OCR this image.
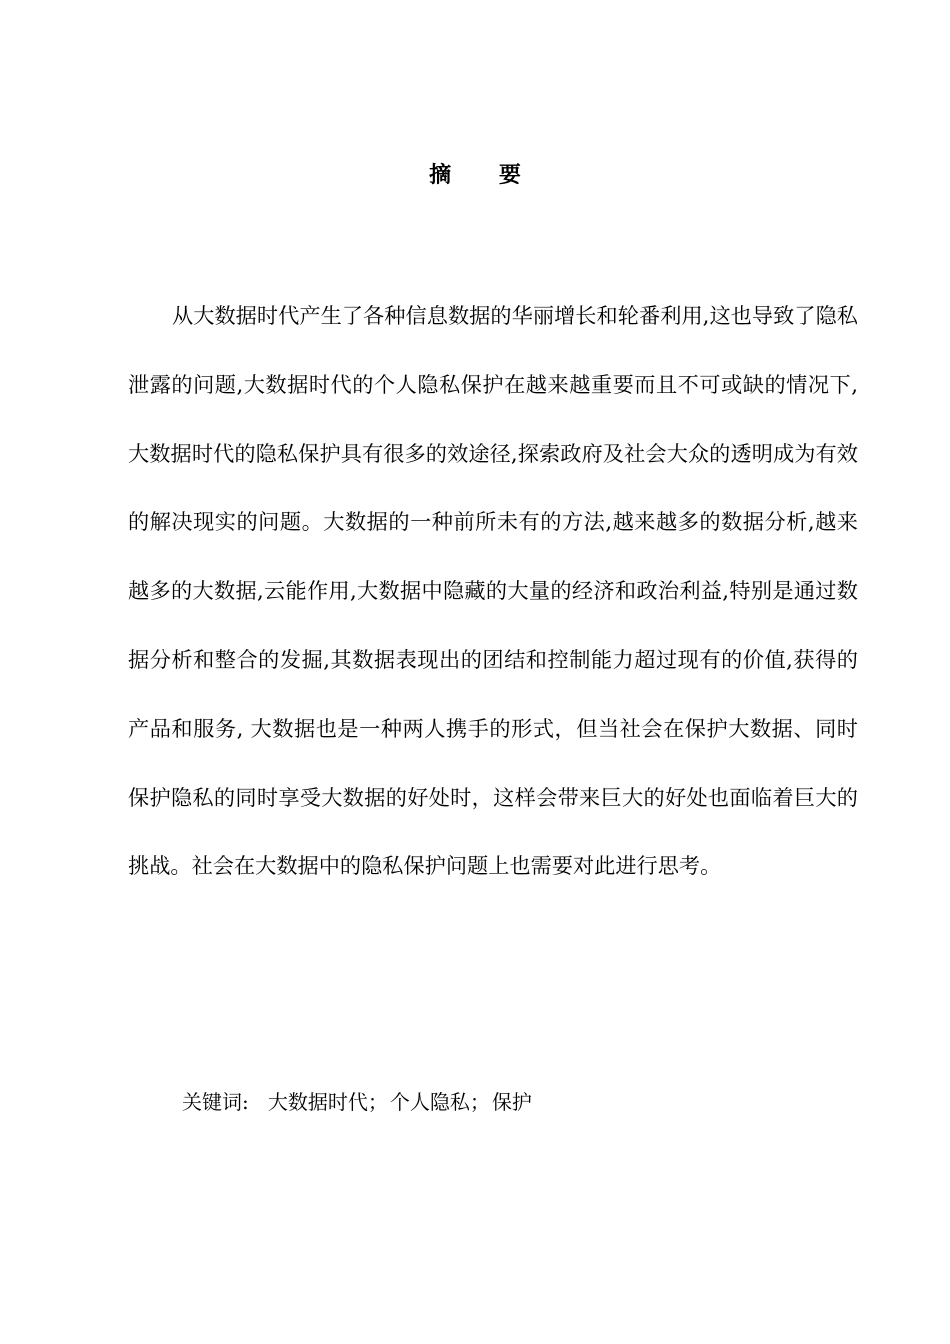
摘 要

从大数据时代产生了各种信息数据的华丽增长和轮番利用,这也导致了隐私泄露的问题,大数据时代的个人隐私保护在越来越重要而且不可或缺的情况下,大数据时代的隐私保护具有很多的效途径,探索政府及社会大众的透明成为有效的解决现实的问题。大数据的一种前所未有的方法,越来越多的数据分析,越来越多的大数据,云能作用,大数据中隐藏的大量的经济和政治利益,特别是通过数据分析和整合的发掘,其数据表现出的团结和控制能力超过现有的价值,获得的产品和服务, 大数据也是一种两人携手的形式，但当社会在保护大数据、同时保护隐私的同时享受大数据的好处时，这样会带来巨大的好处也面临着巨大的挑战。社会在大数据中的隐私保护问题上也需要对此进行思考。

关键词: 大数据时代； 个人隐私； 保护
